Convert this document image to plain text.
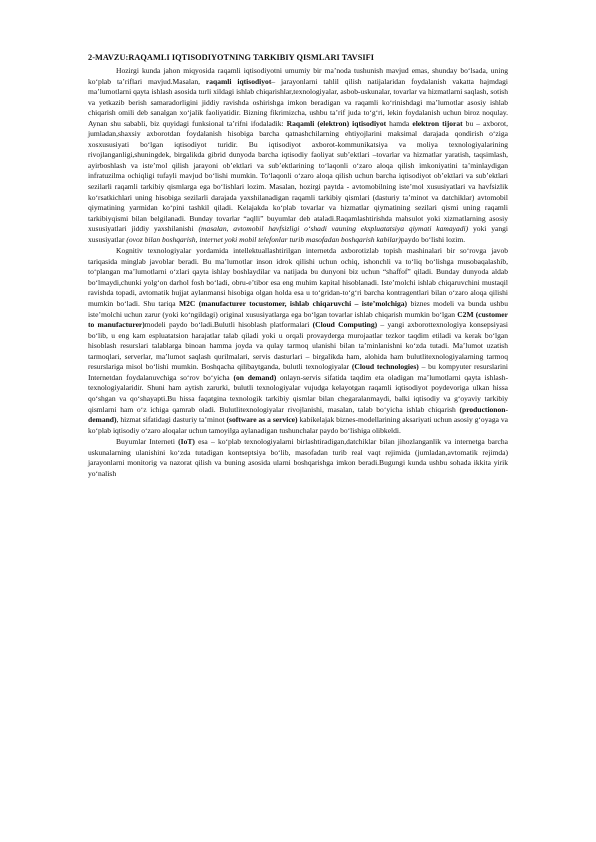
2-MAVZU:RAQAMLI IQTISODIYOTNING TARKIBIY QISMLARI TAVSIFI

Hozirgi kunda jahon miqyosida raqamli iqtisodiyotni umumiy bir ma’noda tushunish mavjud emas, shunday bo‘lsada, uning ko‘plab ta’riflari mavjud.Masalan, raqamli iqtisodiyot– jarayonlarni tahlil qilish natijalaridan foydalanish vakatta hajmdagi ma’lumotlarni qayta ishlash asosida turli xildagi ishlab chiqarishlar,texnologiyalar, asbob-uskunalar, tovarlar va hizmatlarni saqlash, sotish va yetkazib berish samaradorligini jiddiy ravishda oshirishga imkon beradigan va raqamli ko‘rinishdagi ma’lumotlar asosiy ishlab chiqarish omili deb sanalgan xo‘jalik faoliyatidir. Bizning fikrimizcha, ushbu ta’rif juda to‘g‘ri, lekin foydalanish uchun biroz noqulay. Aynan shu sababli, biz quyidagi funksional ta’rifni ifodaladik: Raqamli (elektron) iqtisodiyot hamda elektron tijorat bu – axborot, jumladan,shaxsiy axborotdan foydalanish hisobiga barcha qatnashchilarning ehtiyojlarini maksimal darajada qondirish o‘ziga xosxususiyati bo‘lgan iqtisodiyot turidir. Bu iqtisodiyot axborot-kommunikatsiya va moliya texnologiyalarining rivojlanganligi,shuningdek, birgalikda gibrid dunyoda barcha iqtisodiy faoliyat sub’ektlari –tovarlar va hizmatlar yaratish, taqsimlash, ayirboshlash va iste’mol qilish jarayoni ob’ektlari va sub’ektlarining to‘laqonli o‘zaro aloqa qilish imkoniyatini ta’minlaydigan infratuzilma ochiqligi tufayli mavjud bo‘lishi mumkin. To‘laqonli o‘zaro aloqa qilish uchun barcha iqtisodiyot ob’ektlari va sub’ektlari sezilarli raqamli tarkibiy qismlarga ega bo‘lishlari lozim. Masalan, hozirgi paytda - avtomobilning iste’mol xususiyatlari va havfsizlik ko‘rsatkichlari uning hisobiga sezilarli darajada yaxshilanadigan raqamli tarkibiy qismlari (dasturiy ta’minot va datchiklar) avtomobil qiymatining yarmidan ko‘pini tashkil qiladi. Kelajakda ko‘plab tovarlar va hizmatlar qiymatining sezilari qismi uning raqamli tarkibiyqismi bilan belgilanadi. Bunday tovarlar “aqlli” buyumlar deb ataladi.Raqamlashtirishda mahsulot yoki xizmatlarning asosiy xususiyatlari jiddiy yaxshilanishi (masalan, avtomobil havfsizligi o‘shadi vauning ekspluatatsiya qiymati kamayadi) yoki yangi xususiyatlar (ovoz bilan boshqarish, internet yoki mobil telefonlar turib masofadan boshqarish kabilar)paydo bo‘lishi lozim.

Kognitiv texnologiyalar yordamida intellektuallashtirilgan internetda axborotizlab topish mashinalari bir so‘rovga javob tariqasida minglab javoblar beradi. Bu ma’lumotlar inson idrok qilishi uchun ochiq, ishonchli va to‘liq bo‘lishga musobaqalashib, to‘plangan ma’lumotlarni o‘zlari qayta ishlay boshlaydilar va natijada bu dunyoni biz uchun “shaffof” qiladi. Bunday dunyoda aldab bo‘lmaydi,chunki yolg‘on darhol fosh bo‘ladi, obru-e’tibor esa eng muhim kapital hisoblanadi. Iste’molchi ishlab chiqaruvchini mustaqil ravishda topadi, avtomatik hujjat aylanmansi hisobiga olgan holda esa u to‘gridan-to‘g‘ri barcha kontragentlari bilan o‘zaro aloqa qilishi mumkin bo‘ladi. Shu tariqa M2C (manufacturer tocustomer, ishlab chiqaruvchi – iste’molchiga) biznes modeli va bunda ushbu iste’molchi uchun zarur (yoki ko‘ngildagi) original xususiyatlarga ega bo‘lgan tovarlar ishlab chiqarish mumkin bo‘lgan C2M (customer to manufacturer)modeli paydo bo‘ladi.Bulutli hisoblash platformalari (Cloud Computing) – yangi axborottexnologiya konsepsiyasi bo‘lib, u eng kam espluatatsion harajatlar talab qiladi yoki u orqali provayderga murojaatlar tezkor taqdim etiladi va kerak bo‘lgan hisoblash resurslari talablarga binoan hamma joyda va qulay tarmoq ulanishi bilan ta’minlanishni ko‘zda tutadi. Ma’lumot uzatish tarmoqlari, serverlar, ma’lumot saqlash qurilmalari, servis dasturlari – birgalikda ham, alohida ham bulutlitexnologiyalarning tarmoq resurslariga misol bo‘lishi mumkin. Boshqacha qilibaytganda, bulutli texnologiyalar (Cloud technologies) – bu kompyuter resurslarini Internetdan foydalanuvchiga so‘rov bo‘yicha (on demand) onlayn-servis sifatida taqdim eta oladigan ma’lumotlarni qayta ishlash-texnologiyalaridir. Shuni ham aytish zarurki, bulutli texnologiyalar vujudga kelayotgan raqamli iqtisodiyot poydevoriga ulkan hissa qo‘shgan va qo‘shayapti.Bu hissa faqatgina texnologik tarkibiy qismlar bilan chegaralanmaydi, balki iqtisodiy va g‘oyaviy tarkibiy qismlarni ham o‘z ichiga qamrab oladi. Bulutlitexnologiyalar rivojlanishi, masalan, talab bo‘yicha ishlab chiqarish (productionon-demand), hizmat sifatidagi dasturiy ta’minot (software as a service) kabikelajak biznes-modellarining aksariyati uchun asosiy g‘oyaga va ko‘plab iqtisodiy o‘zaro aloqalar uchun tamoyilga aylanadigan tushunchalar paydo bo‘lishiga olibkeldi.

Buyumlar Interneti (IoT) esa – ko‘plab texnologiyalarni birlashtiradigan,datchiklar bilan jihozlanganlik va internetga barcha uskunalarning ulanishini ko‘zda tutadigan kontseptsiya bo‘lib, masofadan turib real vaqt rejimida (jumladan,avtomatik rejimda) jarayonlarni monitorig va nazorat qilish va buning asosida ularni boshqarishga imkon beradi.Bugungi kunda ushbu sohada ikkita yirik yo‘nalish
